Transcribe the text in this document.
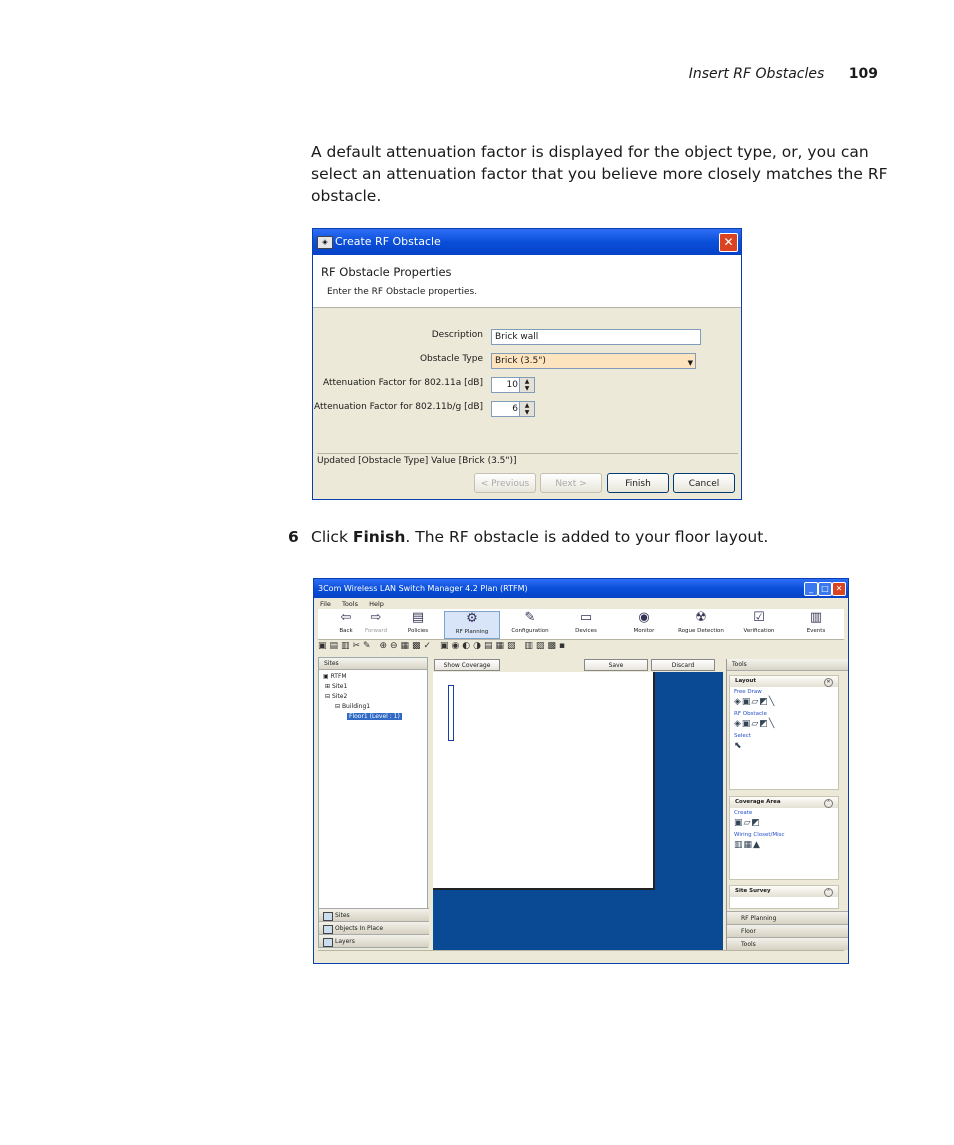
Insert RF Obstacles 109
A default attenuation factor is displayed for the object type, or, you can select an attenuation factor that you believe more closely matches the RF obstacle.
◈ Create RF Obstacle	✕
RF Obstacle Properties
Enter the RF Obstacle properties.
Description	Brick wall
Obstacle Type	Brick (3.5")	▼
Attenuation Factor for 802.11a [dB]	10	▲
▼
Attenuation Factor for 802.11b/g [dB]	6	▲
▼
Updated [Obstacle Type] Value [Brick (3.5")]
< Previous	Next >	Finish	Cancel
6 Click Finish. The RF obstacle is added to your floor layout.
3Com Wireless LAN Switch Manager 4.2 Plan (RTFM)	_	□ ✕
File Tools Help
⇦
Back
⇨
Forward
▤
Policies
⚙
RF Planning
✎
Configuration
▭
Devices
◉
Monitor
☢
Rogue Detection
☑
Verification
▥
Events
▣▤▥✂✎ ⊕⊖▦▩✓ ▣◉◐◑▤▦▧ ▥▨▩▪
Sites
▣ RTFM
⊞ Site1
⊟ Site2
⊟ Building1
Floor1 (Level : 1)
Sites
Objects In Place
Layers
Show Coverage	Save	Discard	Tools
Layout	✕
Free Draw
◈▣▱◩╲
RF Obstacle
◈▣▱◩╲
Select
⬉
Coverage Area	⌃
Create
▣▱◩
Wiring Closet/Misc
▥▦▲
Site Survey	⌃
RF Planning
Floor
Tools
